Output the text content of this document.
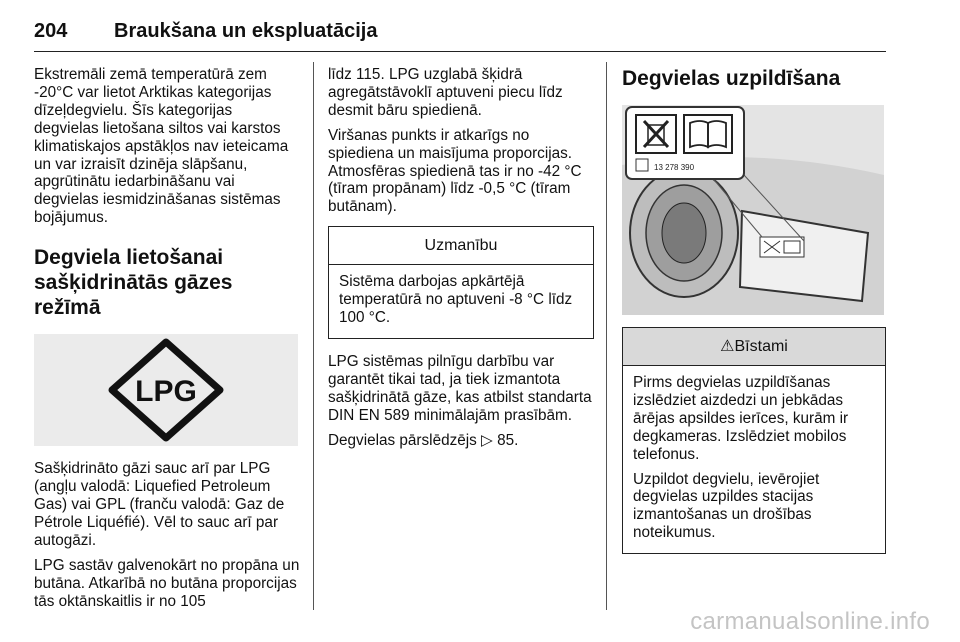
204 Braukšana un ekspluatācija

Ekstremāli zemā temperatūrā zem -20°C var lietot Arktikas kategorijas dīzeļdegvielu. Šīs kategorijas degvielas lietošana siltos vai karstos klimatiskajos apstākļos nav ieteicama un var izraisīt dzinēja slāpšanu, apgrūtinātu iedarbināšanu vai degvielas iesmidzināšanas sistēmas bojājumus.

Degviela lietošanai sašķidrinātās gāzes režīmā
LPG

Sašķidrināto gāzi sauc arī par LPG (angļu valodā: Liquefied Petroleum Gas) vai GPL (franču valodā: Gaz de Pétrole Liquéfié). Vēl to sauc arī par autogāzi.

LPG sastāv galvenokārt no propāna un butāna. Atkarībā no butāna proporcijas tās oktānskaitlis ir no 105

līdz 115. LPG uzglabā šķidrā agregātstāvoklī aptuveni piecu līdz desmit bāru spiedienā.

Viršanas punkts ir atkarīgs no spiediena un maisījuma proporcijas. Atmosfēras spiedienā tas ir no -42 °C (tīram propānam) līdz -0,5 °C (tīram butānam).

Uzmanību

Sistēma darbojas apkārtējā temperatūrā no aptuveni -8 °C līdz 100 °C.

LPG sistēmas pilnīgu darbību var garantēt tikai tad, ja tiek izmantota sašķidrinātā gāze, kas atbilst standarta DIN EN 589 minimālajām prasībām.

Degvielas pārslēdzējs ▷ 85.

Degvielas uzpildīšana
13 278 390
⚠ Bīstami

Pirms degvielas uzpildīšanas izslēdziet aizdedzi un jebkādas ārējas apsildes ierīces, kurām ir degkameras. Izslēdziet mobilos telefonus.

Uzpildot degvielu, ievērojiet degvielas uzpildes stacijas izmantošanas un drošības noteikumus.

carmanualsonline.info
